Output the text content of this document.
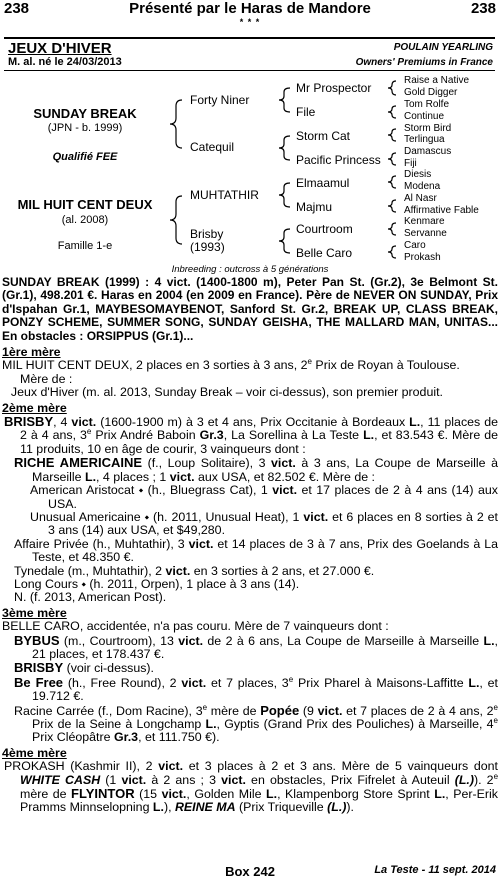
238	Présenté par le Haras de Mandore	238
* * *
JEUX D'HIVER
M. al. né le 24/03/2013
POULAIN YEARLING
Owners' Premiums in France
SUNDAY BREAK
(JPN - b. 1999)
Qualifié FEE
MIL HUIT CENT DEUX
(al. 2008)
Famille 1-e
Forty Niner
Catequil
MUHTATHIR
Brisby
(1993)
Mr Prospector
File
Storm Cat
Pacific Princess
Elmaamul
Majmu
Courtroom
Belle Caro
Raise a Native
Gold Digger
Tom Rolfe
Continue
Storm Bird
Terlingua
Damascus
Fiji
Diesis
Modena
Al Nasr
Affirmative Fable
Kenmare
Servanne
Caro
Prokash
Inbreeding : outcross à 5 générations

SUNDAY BREAK (1999) : 4 vict. (1400-1800 m), Peter Pan St. (Gr.2), 3e Belmont St. (Gr.1), 498.201 €. Haras en 2004 (en 2009 en France). Père de NEVER ON SUNDAY, Prix d'Ispahan Gr.1, MAYBESOMAYBENOT, Sanford St. Gr.2, BREAK UP, CLASS BREAK, PONZY SCHEME, SUMMER SONG, SUNDAY GEISHA, THE MALLARD MAN, UNITAS... En obstacles : ORSIPPUS (Gr.1)...

1ère mère

MIL HUIT CENT DEUX, 2 places en 3 sorties à 3 ans, 2e Prix de Royan à Toulouse.

Mère de :

Jeux d'Hiver (m. al. 2013, Sunday Break – voir ci-dessus), son premier produit.

2ème mère

BRISBY, 4 vict. (1600-1900 m) à 3 et 4 ans, Prix Occitanie à Bordeaux L., 11 places de 2 à 4 ans, 3e Prix André Baboin Gr.3, La Sorellina à La Teste L., et 83.543 €. Mère de 11 produits, 10 en âge de courir, 3 vainqueurs dont :

RICHE AMERICAINE (f., Loup Solitaire), 3 vict. à 3 ans, La Coupe de Marseille à Marseille L., 4 places ; 1 vict. aux USA, et 82.502 €. Mère de :

American Aristocat ⬩ (h., Bluegrass Cat), 1 vict. et 17 places de 2 à 4 ans (14) aux USA.

Unusual Americaine ⬩ (h. 2011, Unusual Heat), 1 vict. et 6 places en 8 sorties à 2 et 3 ans (14) aux USA, et $49,280.

Affaire Privée (h., Muhtathir), 3 vict. et 14 places de 3 à 7 ans, Prix des Goelands à La Teste, et 48.350 €.

Tynedale (m., Muhtathir), 2 vict. en 3 sorties à 2 ans, et 27.000 €.

Long Cours ⬩ (h. 2011, Orpen), 1 place à 3 ans (14).

N. (f. 2013, American Post).

3ème mère

BELLE CARO, accidentée, n'a pas couru. Mère de 7 vainqueurs dont :

BYBUS (m., Courtroom), 13 vict. de 2 à 6 ans, La Coupe de Marseille à Marseille L., 21 places, et 178.437 €.

BRISBY (voir ci-dessus).

Be Free (h., Free Round), 2 vict. et 7 places, 3e Prix Pharel à Maisons-Laffitte L., et 19.712 €.

Racine Carrée (f., Dom Racine), 3e mère de Popée (9 vict. et 7 places de 2 à 4 ans, 2e Prix de la Seine à Longchamp L., Gyptis (Grand Prix des Pouliches) à Marseille, 4e Prix Cléopâtre Gr.3, et 111.750 €).

4ème mère

PROKASH (Kashmir II), 2 vict. et 3 places à 2 et 3 ans. Mère de 5 vainqueurs dont WHITE CASH (1 vict. à 2 ans ; 3 vict. en obstacles, Prix Fifrelet à Auteuil (L.)). 2e mère de FLYINTOR (15 vict., Golden Mile L., Klampenborg Store Sprint L., Per-Erik Pramms Minnselopning L.), REINE MA (Prix Triqueville (L.)).

Box 242	La Teste - 11 sept. 2014
